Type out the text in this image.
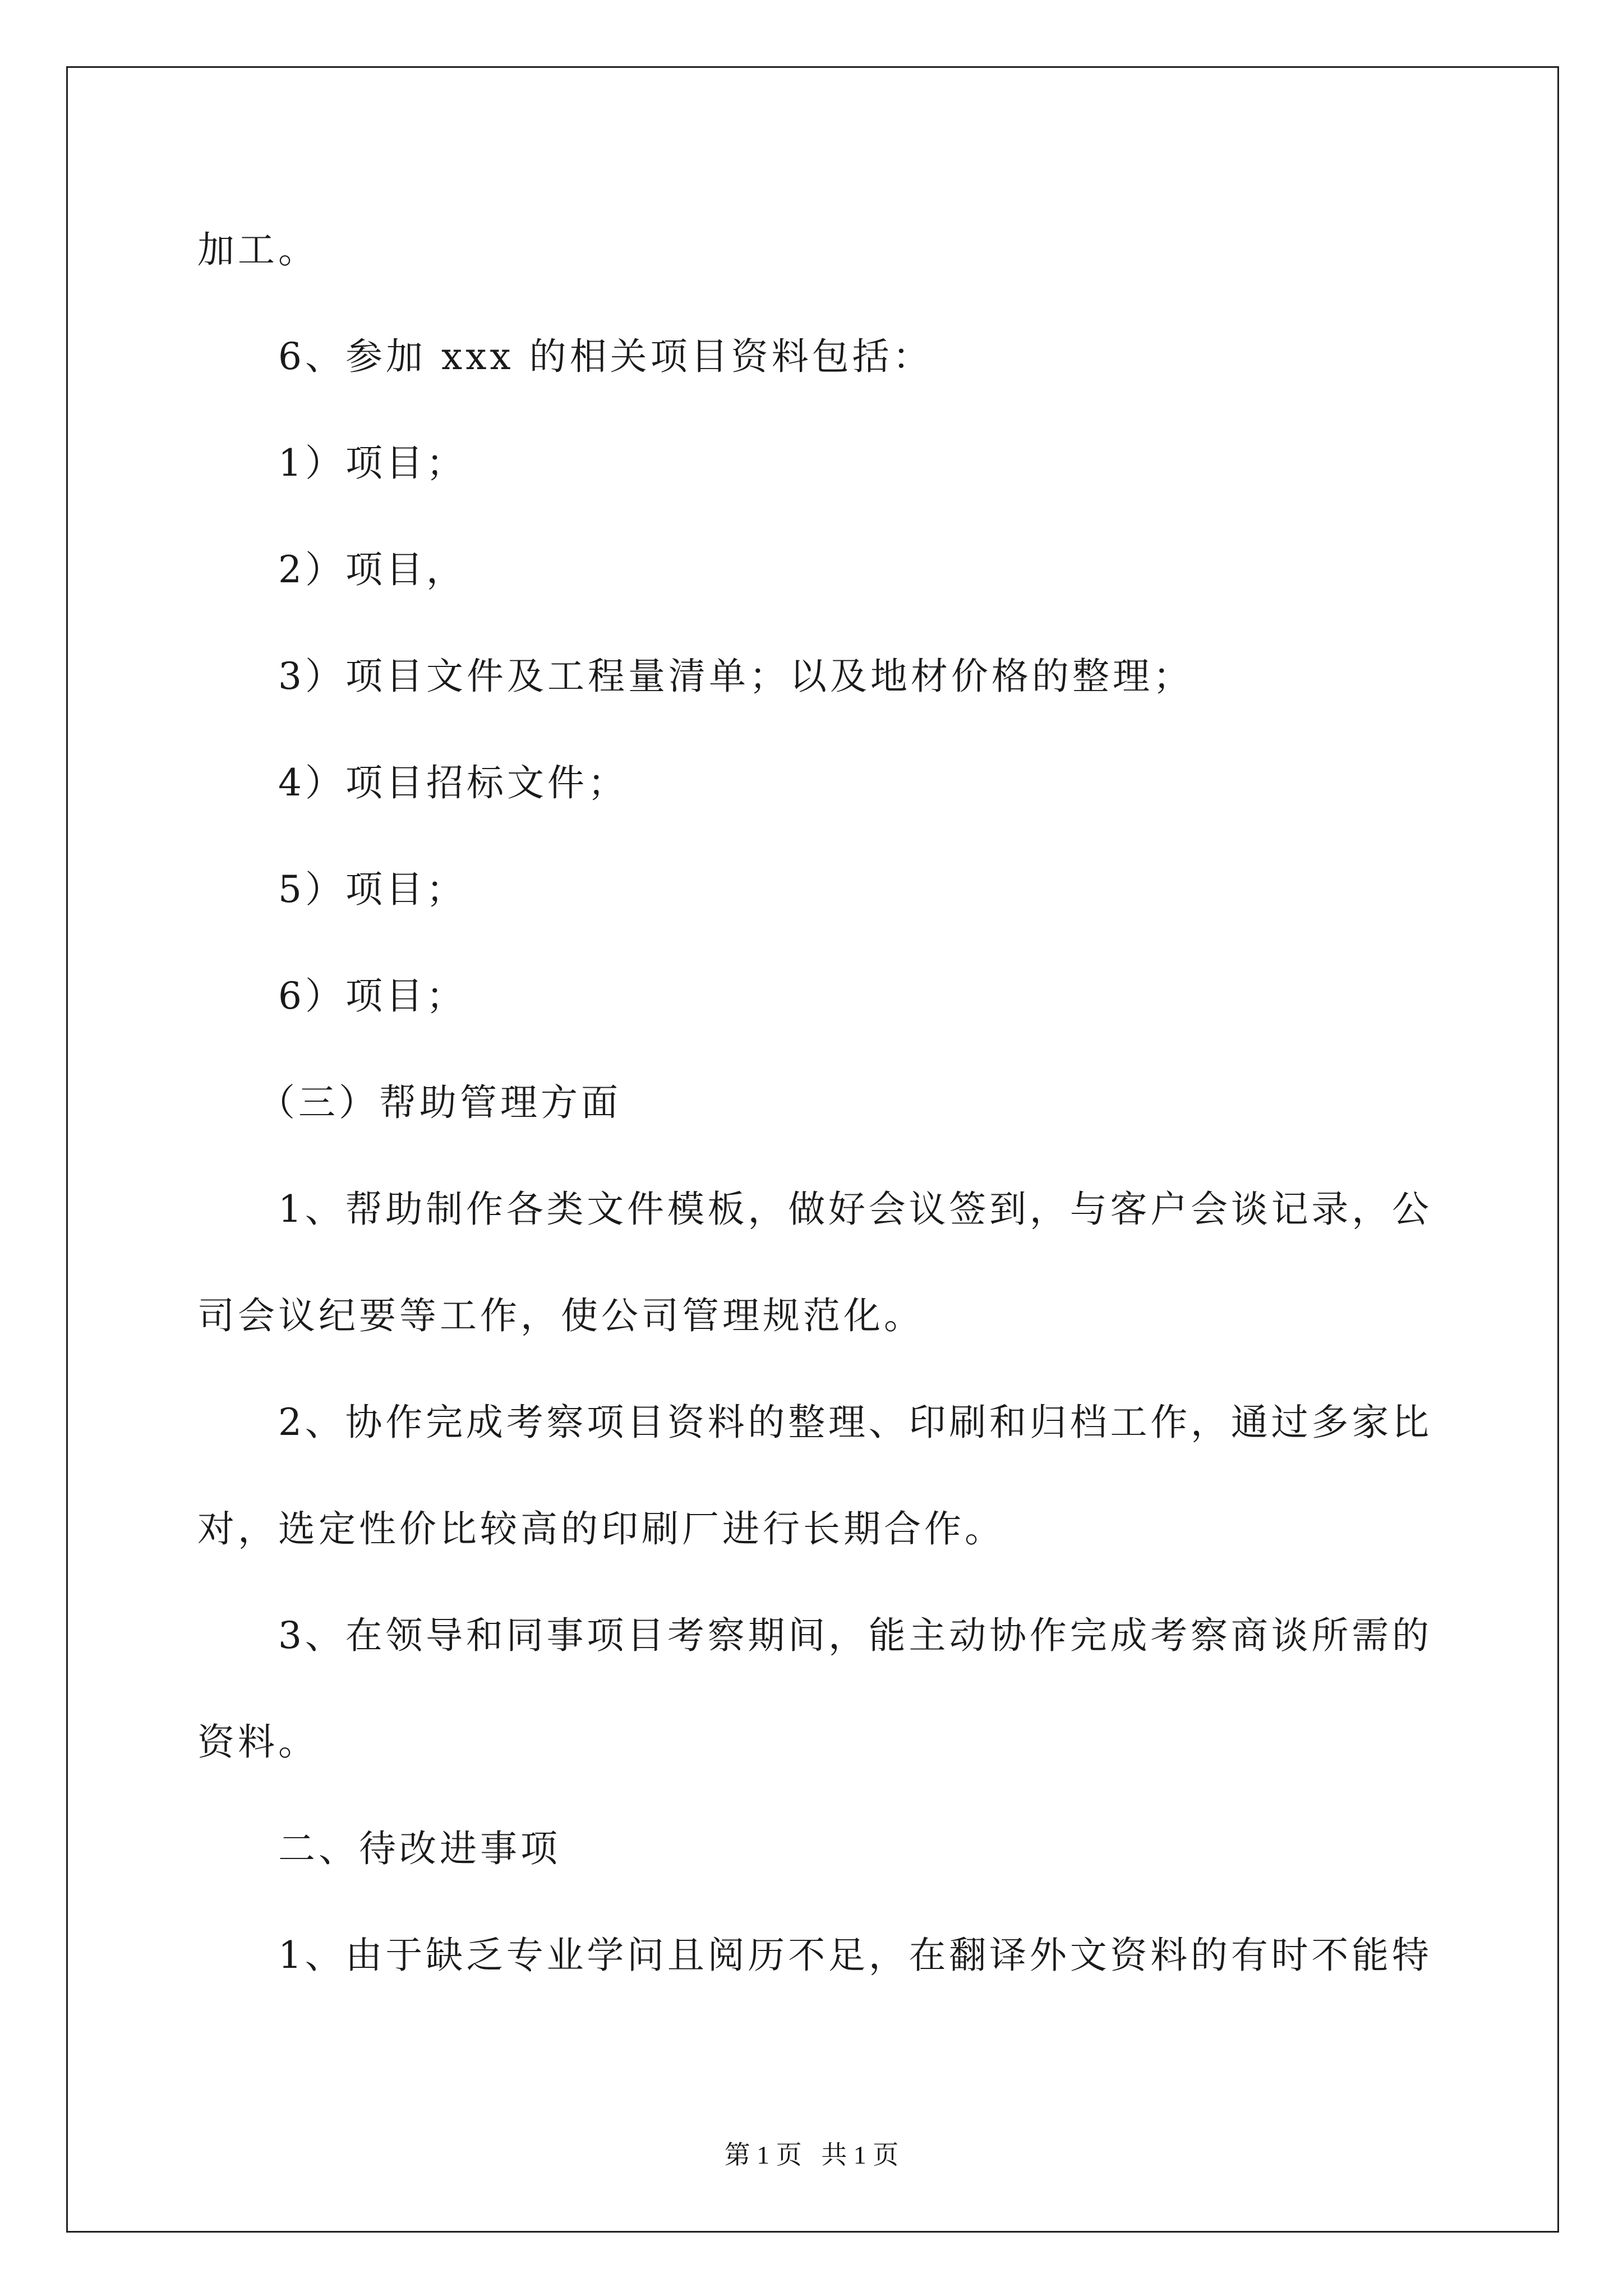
加工。
6、参加 xxx 的相关项目资料包括：
1）项目；
2）项目，
3）项目文件及工程量清单；以及地材价格的整理；
4）项目招标文件；
5）项目；
6）项目；
（三）帮助管理方面
1、帮助制作各类文件模板，做好会议签到，与客户会谈记录，公
司会议纪要等工作，使公司管理规范化。
2、协作完成考察项目资料的整理、印刷和归档工作，通过多家比
对，选定性价比较高的印刷厂进行长期合作。
3、在领导和同事项目考察期间，能主动协作完成考察商谈所需的
资料。
二、待改进事项
1、由于缺乏专业学问且阅历不足，在翻译外文资料的有时不能特
第 1 页   共 1 页
